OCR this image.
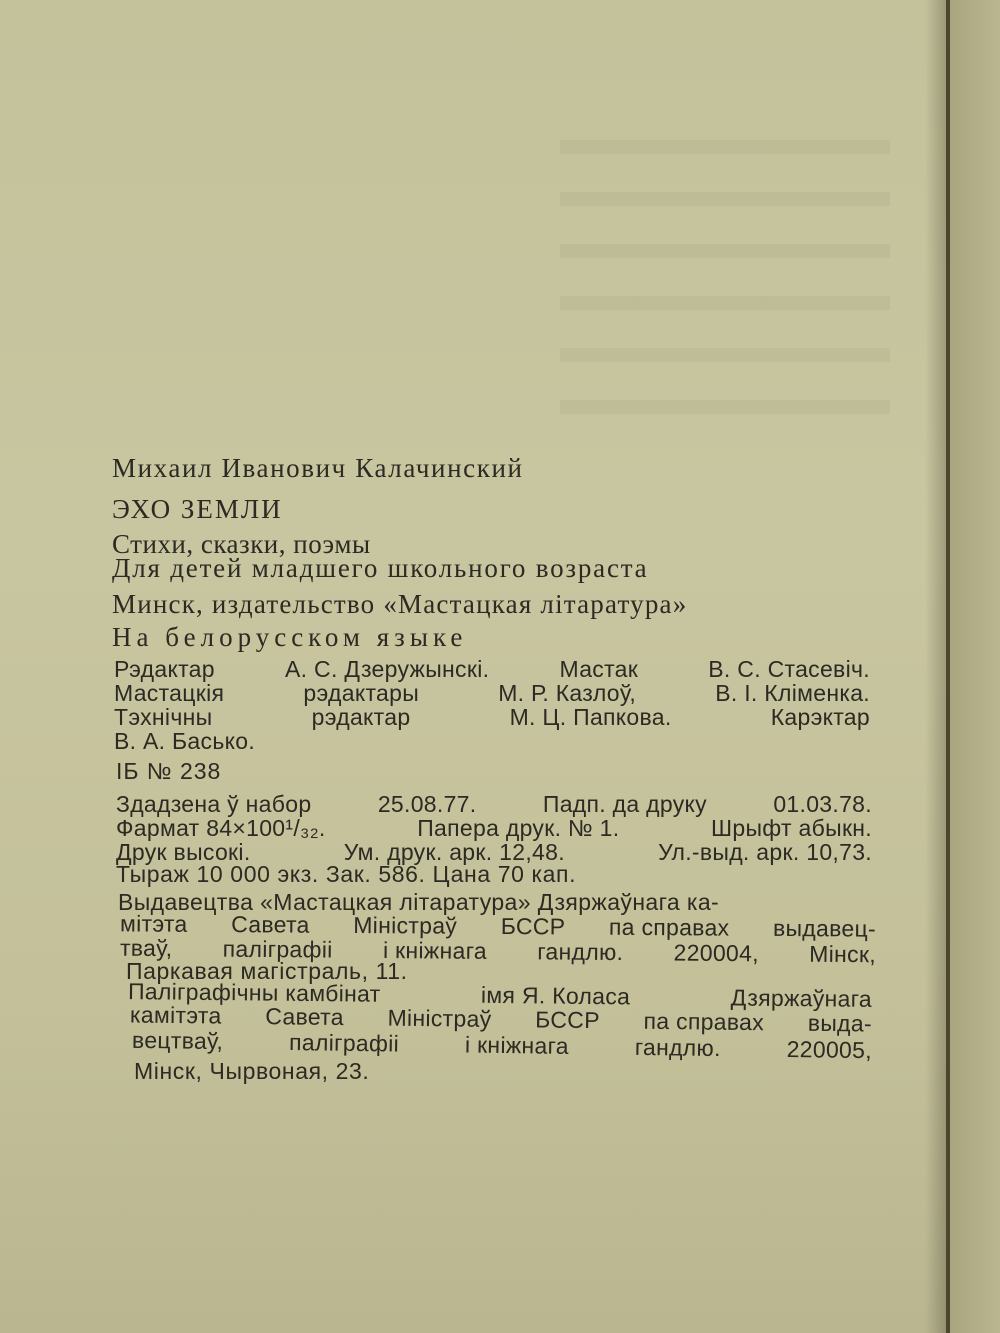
Михаил Иванович Калачинский
ЭХО ЗЕМЛИ
Стихи, сказки, поэмы
Для детей младшего школьного возраста
Минск, издательство «Мастацкая літаратура»
На белорусском языке
Рэдактар	А. С. Дзеружынскі.	Мастак	В. С. Стасевіч.
Мастацкія	рэдактары	М. Р. Казлоў,	В. І. Кліменка.
Тэхнічны	рэдактар	М. Ц. Папкова.	Карэктар
В. А. Басько.
ІБ № 238
Здадзена ў набор	25.08.77.	Падп. да друку	01.03.78.
Фармат 84×100¹/₃₂.	Папера друк. № 1.	Шрыфт абыкн.
Друк высокі.	Ум. друк. арк. 12,48.	Ул.-выд. арк. 10,73.
Тыраж 10 000 экз. Зак. 586. Цана 70 кап.
Выдавецтва «Мастацкая літаратура» Дзяржаўнага ка-
мітэта Савета Міністраў БССР па справах выдавец-
тваў, паліграфіі і кніжнага гандлю. 220004, Мінск,
Паркавая магістраль, 11.
Паліграфічны камбінат	імя Я. Коласа	Дзяржаўнага
камітэта Савета Міністраў БССР па справах выда-
вецтваў,	паліграфіі	і кніжнага	гандлю.	220005,
Мінск, Чырвоная, 23.
